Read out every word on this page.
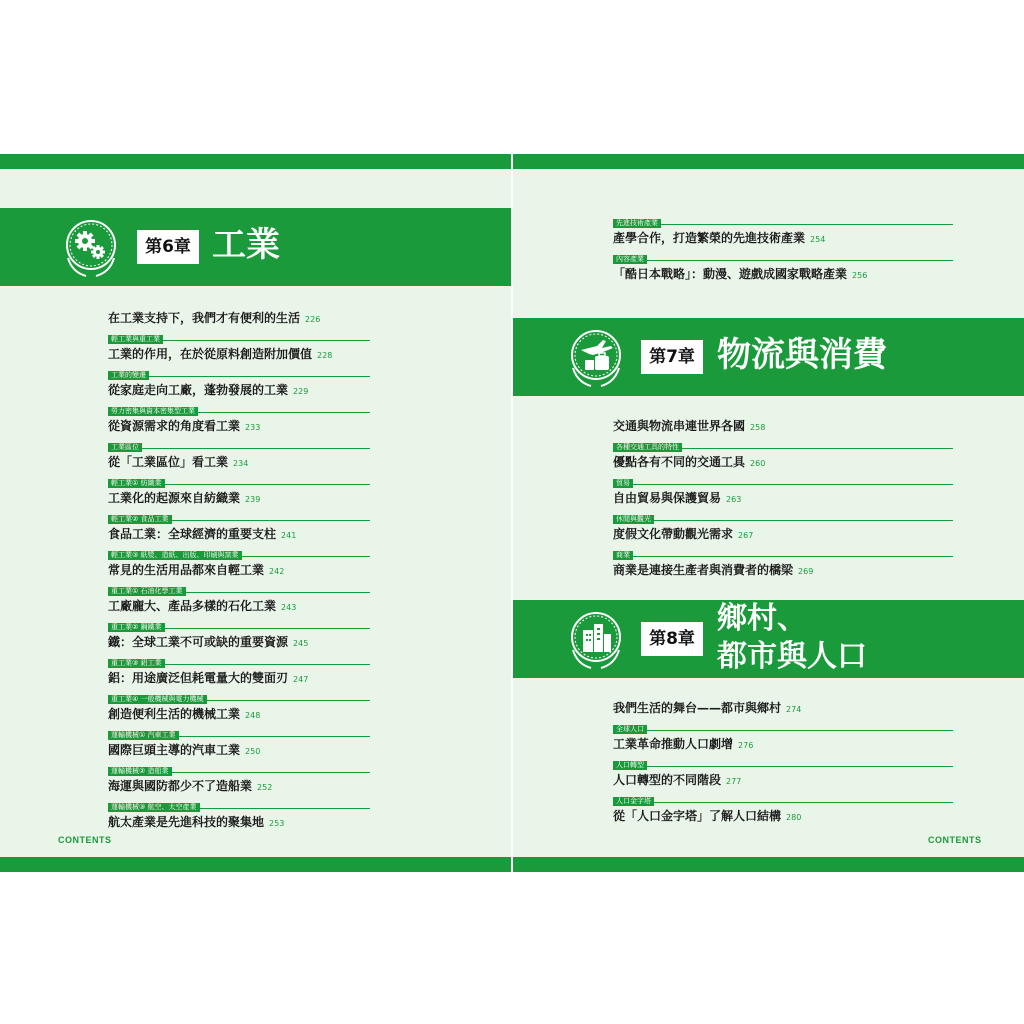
第6章 工業
在工業支持下，我們才有便利的生活 226
輕工業與重工業
工業的作用，在於從原料創造附加價值 228
工業的變遷
從家庭走向工廠，蓬勃發展的工業 229
勞力密集與資本密集型工業
從資源需求的角度看工業 233
工業區位
從「工業區位」看工業 234
輕工業① 紡織業
工業化的起源來自紡織業 239
輕工業② 食品工業
食品工業：全球經濟的重要支柱 241
輕工業③ 紙漿、造紙、出版、印刷與窯業
常見的生活用品都來自輕工業 242
重工業① 石油化學工業
工廠龐大、產品多樣的石化工業 243
重工業② 鋼鐵業
鐵：全球工業不可或缺的重要資源 245
重工業③ 鋁工業
鋁：用途廣泛但耗電量大的雙面刃 247
重工業④ 一般機械與電力機械
創造便利生活的機械工業 248
運輸機械① 汽車工業
國際巨頭主導的汽車工業 250
運輸機械② 造船業
海運與國防都少不了造船業 252
運輸機械③ 航空、太空產業
航太產業是先進科技的聚集地 253
CONTENTS
先進技術產業
產學合作，打造繁榮的先進技術產業 254
內容產業
「酷日本戰略」：動漫、遊戲成國家戰略產業 256
第7章 物流與消費
交通與物流串連世界各國 258
各種交通工具的特性
優點各有不同的交通工具 260
貿易
自由貿易與保護貿易 263
休閒與觀光
度假文化帶動觀光需求 267
商業
商業是連接生產者與消費者的橋梁 269
第8章
鄉村、
都市與人口
我們生活的舞台——都市與鄉村 274
全球人口
工業革命推動人口劇增 276
人口轉型
人口轉型的不同階段 277
人口金字塔
從「人口金字塔」了解人口結構 280
CONTENTS
